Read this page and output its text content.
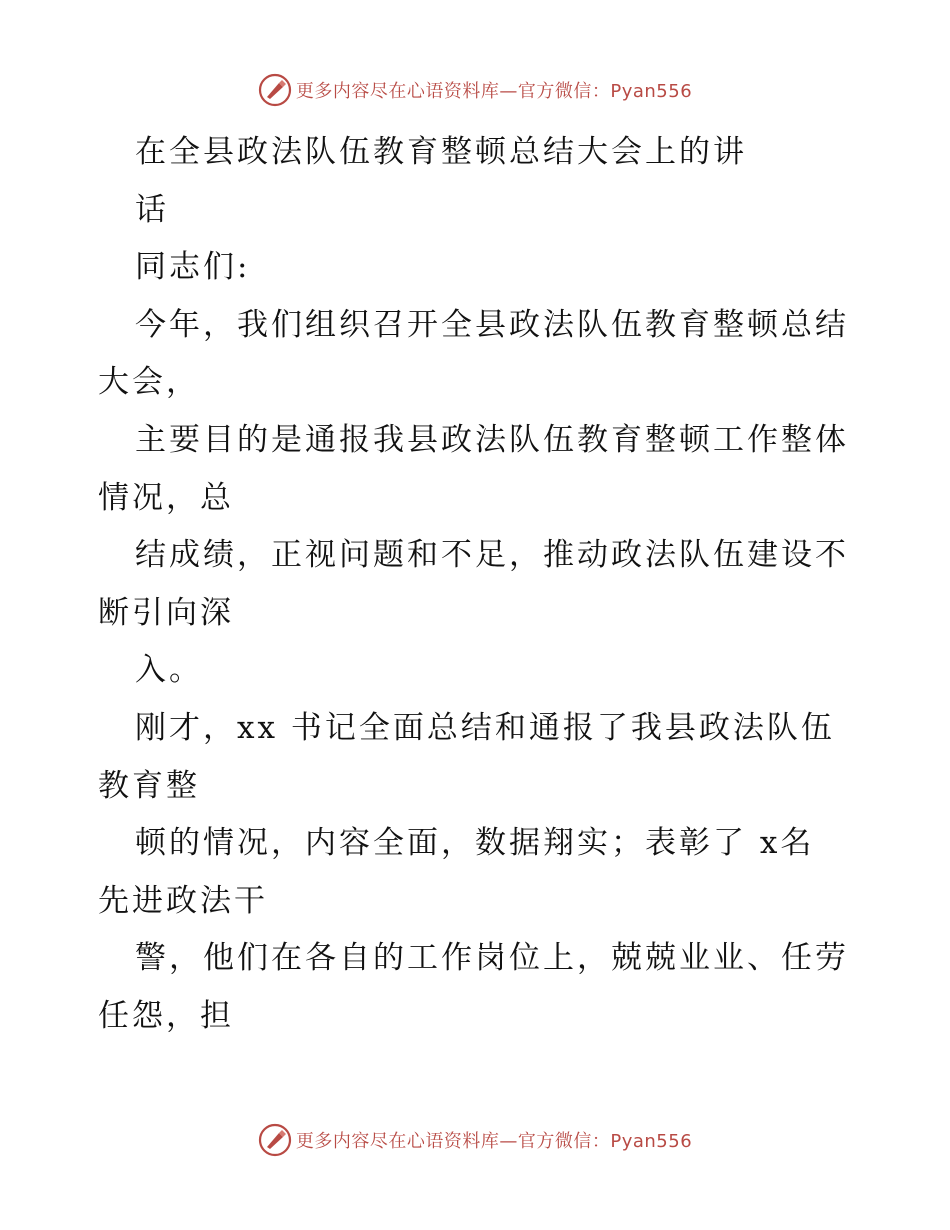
更多内容尽在心语资料库—官方微信：Pyan556
在全县政法队伍教育整顿总结大会上的讲
话
同志们:
今年，我们组织召开全县政法队伍教育整顿总结
大会，
主要目的是通报我县政法队伍教育整顿工作整体
情况，总
结成绩，正视问题和不足，推动政法队伍建设不
断引向深
入。
刚才，xx 书记全面总结和通报了我县政法队伍
教育整
顿的情况，内容全面，数据翔实；表彰了 x名
先进政法干
警，他们在各自的工作岗位上，兢兢业业、任劳
任怨，担
更多内容尽在心语资料库—官方微信：Pyan556
